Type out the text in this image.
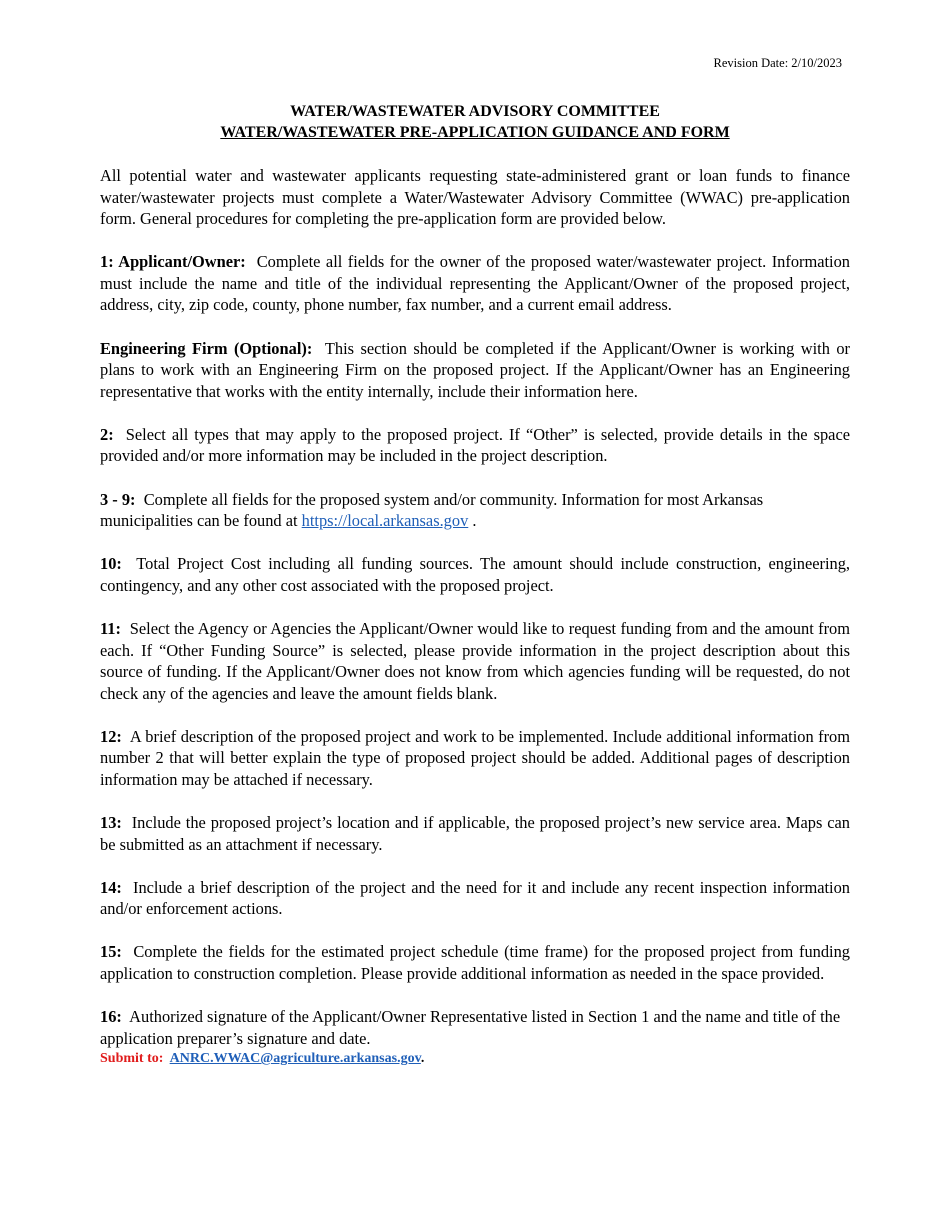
Revision Date: 2/10/2023
WATER/WASTEWATER ADVISORY COMMITTEE
WATER/WASTEWATER PRE-APPLICATION GUIDANCE AND FORM

All potential water and wastewater applicants requesting state-administered grant or loan funds to finance water/wastewater projects must complete a Water/Wastewater Advisory Committee (WWAC) pre-application form. General procedures for completing the pre-application form are provided below.

1: Applicant/Owner: Complete all fields for the owner of the proposed water/wastewater project. Information must include the name and title of the individual representing the Applicant/Owner of the proposed project, address, city, zip code, county, phone number, fax number, and a current email address.

Engineering Firm (Optional): This section should be completed if the Applicant/Owner is working with or plans to work with an Engineering Firm on the proposed project. If the Applicant/Owner has an Engineering representative that works with the entity internally, include their information here.

2: Select all types that may apply to the proposed project. If “Other” is selected, provide details in the space provided and/or more information may be included in the project description.

3 - 9: Complete all fields for the proposed system and/or community. Information for most Arkansas municipalities can be found at https://local.arkansas.gov .

10: Total Project Cost including all funding sources. The amount should include construction, engineering, contingency, and any other cost associated with the proposed project.

11: Select the Agency or Agencies the Applicant/Owner would like to request funding from and the amount from each. If “Other Funding Source” is selected, please provide information in the project description about this source of funding. If the Applicant/Owner does not know from which agencies funding will be requested, do not check any of the agencies and leave the amount fields blank.

12: A brief description of the proposed project and work to be implemented. Include additional information from number 2 that will better explain the type of proposed project should be added. Additional pages of description information may be attached if necessary.

13: Include the proposed project’s location and if applicable, the proposed project’s new service area. Maps can be submitted as an attachment if necessary.

14: Include a brief description of the project and the need for it and include any recent inspection information and/or enforcement actions.

15: Complete the fields for the estimated project schedule (time frame) for the proposed project from funding application to construction completion. Please provide additional information as needed in the space provided.

16: Authorized signature of the Applicant/Owner Representative listed in Section 1 and the name and title of the application preparer’s signature and date.

Submit to: ANRC.WWAC@agriculture.arkansas.gov.
